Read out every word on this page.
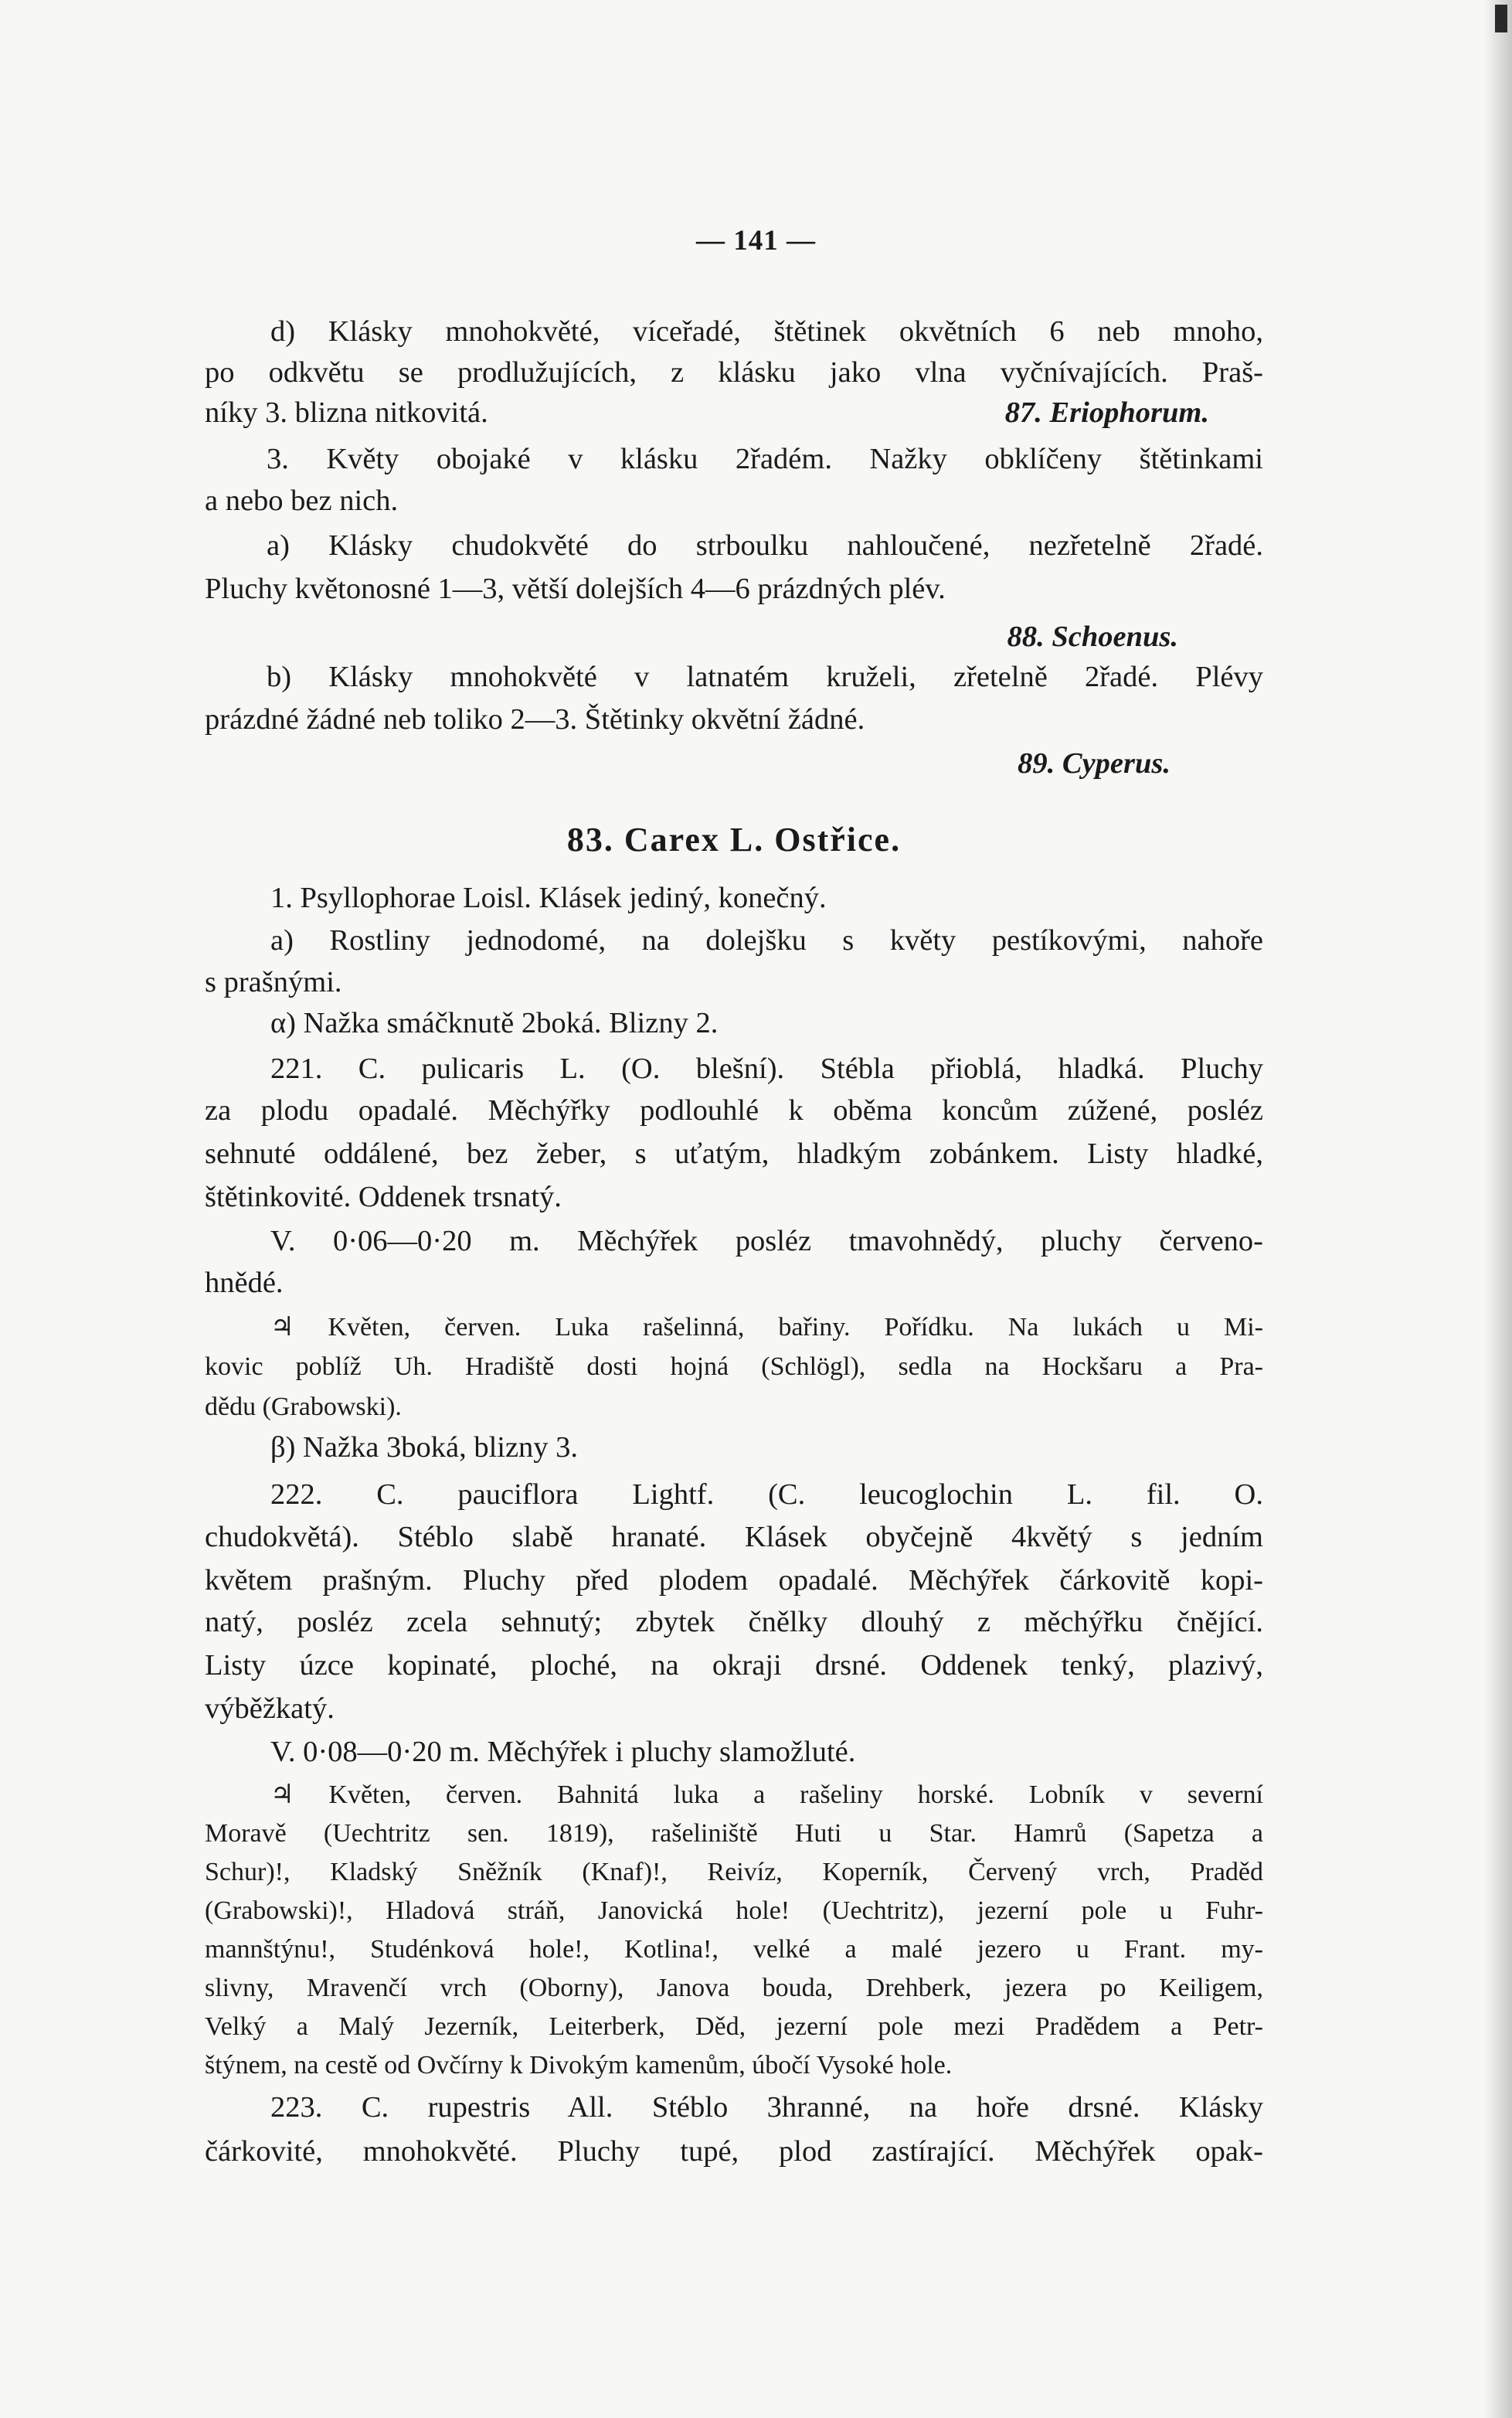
— 141 —
d) Klásky mnohokvěté, víceřadé, štětinek okvětních 6 neb mnoho,
po odkvětu se prodlužujících, z klásku jako vlna vyčnívajících. Praš-
níky 3. blizna nitkovitá.	87. Eriophorum.
3. Květy obojaké v klásku 2řadém. Nažky obklíčeny štětinkami
a nebo bez nich.
a) Klásky chudokvěté do strboulku nahloučené, nezřetelně 2řadé.
Pluchy květonosné 1—3, větší dolejších 4—6 prázdných plév.
88. Schoenus.
b) Klásky mnohokvěté v latnatém kruželi, zřetelně 2řadé. Plévy
prázdné žádné neb toliko 2—3. Štětinky okvětní žádné.
89. Cyperus.
83. Carex L. Ostřice.
1. Psyllophorae Loisl. Klásek jediný, konečný.
a) Rostliny jednodomé, na dolejšku s květy pestíkovými, nahoře
s prašnými.
α) Nažka smáčknutě 2boká. Blizny 2.
221. C. pulicaris L. (O. blešní). Stébla přioblá, hladká. Pluchy
za plodu opadalé. Měchýřky podlouhlé k oběma koncům zúžené, posléz
sehnuté oddálené, bez žeber, s uťatým, hladkým zobánkem. Listy hladké,
štětinkovité. Oddenek trsnatý.
V. 0·06—0·20 m. Měchýřek posléz tmavohnědý, pluchy červeno-
hnědé.
♃ Květen, červen. Luka rašelinná, bařiny. Pořídku. Na lukách u Mi-
kovic poblíž Uh. Hradiště dosti hojná (Schlögl), sedla na Hockšaru a Pra-
dědu (Grabowski).
β) Nažka 3boká, blizny 3.
222. C. pauciflora Lightf. (C. leucoglochin L. fil. O.
chudokvětá). Stéblo slabě hranaté. Klásek obyčejně 4květý s jedním
květem prašným. Pluchy před plodem opadalé. Měchýřek čárkovitě kopi-
natý, posléz zcela sehnutý; zbytek čnělky dlouhý z měchýřku čnějící.
Listy úzce kopinaté, ploché, na okraji drsné. Oddenek tenký, plazivý,
výběžkatý.
V. 0·08—0·20 m. Měchýřek i pluchy slamožluté.
♃ Květen, červen. Bahnitá luka a rašeliny horské. Lobník v severní
Moravě (Uechtritz sen. 1819), rašeliniště Huti u Star. Hamrů (Sapetza a
Schur)!, Kladský Sněžník (Knaf)!, Reivíz, Koperník, Červený vrch, Praděd
(Grabowski)!, Hladová stráň, Janovická hole! (Uechtritz), jezerní pole u Fuhr-
mannštýnu!, Studénková hole!, Kotlina!, velké a malé jezero u Frant. my-
slivny, Mravenčí vrch (Oborny), Janova bouda, Drehberk, jezera po Keiligem,
Velký a Malý Jezerník, Leiterberk, Děd, jezerní pole mezi Pradědem a Petr-
štýnem, na cestě od Ovčírny k Divokým kamenům, úbočí Vysoké hole.
223. C. rupestris All. Stéblo 3hranné, na hoře drsné. Klásky
čárkovité, mnohokvěté. Pluchy tupé, plod zastírající. Měchýřek opak-
